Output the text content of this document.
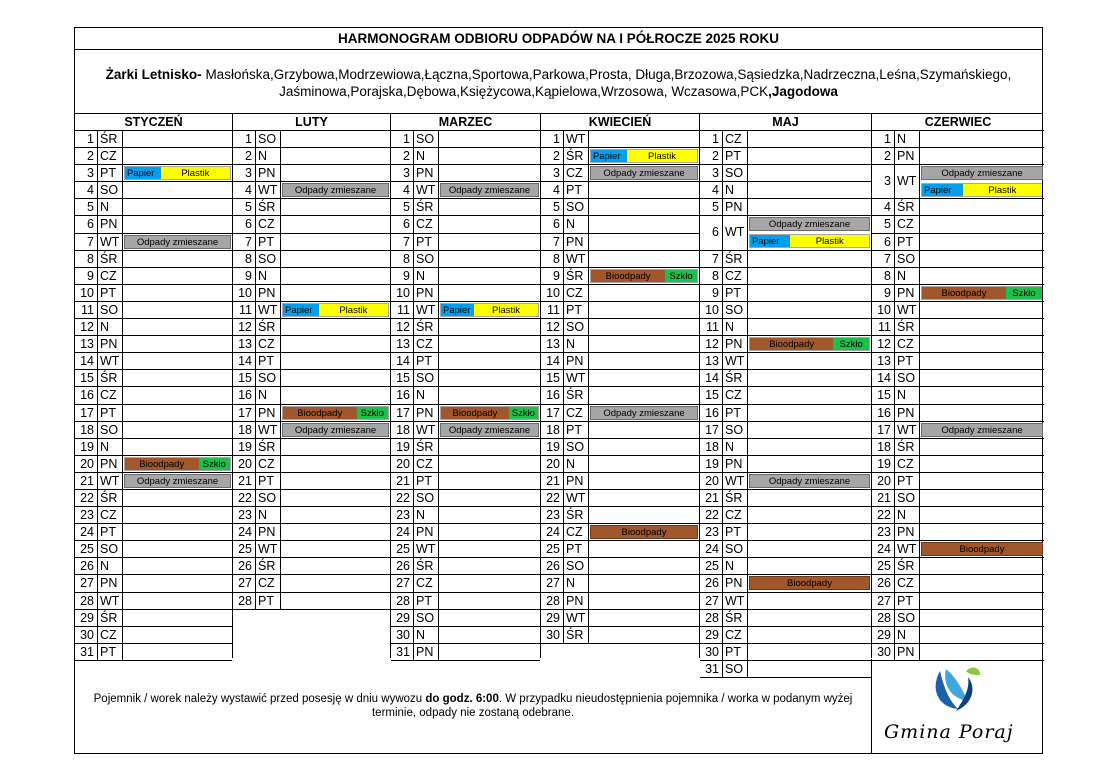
HARMONOGRAM ODBIORU ODPADÓW NA I PÓŁROCZE 2025 ROKU
Żarki Letnisko- Masłońska,Grzybowa,Modrzewiowa,Łączna,Sportowa,Parkowa,Prosta, Długa,Brzozowa,Sąsiedzka,Nadrzeczna,Leśna,Szymańskiego,
Jaśminowa,Porajska,Dębowa,Księżycowa,Kąpielowa,Wrzosowa, Wczasowa,PCK,Jagodowa
STYCZEŃ
1 ŚR
2 CZ
3 PT	Papier	Plastik
4 SO
5 N
6 PN
7 WT	Odpady zmieszane
8 ŚR
9 CZ
10 PT
11 SO
12 N
13 PN
14 WT
15 ŚR
16 CZ
17 PT
18 SO
19 N
20 PN	Bioodpady	Szkło
21 WT	Odpady zmieszane
22 ŚR
23 CZ
24 PT
25 SO
26 N
27 PN
28 WT
29 ŚR
30 CZ
31 PT
LUTY
1 SO
2 N
3 PN
4 WT	Odpady zmieszane
5 ŚR
6 CZ
7 PT
8 SO
9 N
10 PN
11 WT Papier	Plastik
12 ŚR
13 CZ
14 PT
15 SO
16 N
17 PN	Bioodpady	Szkło
18 WT	Odpady zmieszane
19 ŚR
20 CZ
21 PT
22 SO
23 N
24 PN
25 WT
26 ŚR
27 CZ
28 PT
MARZEC
1 SO
2 N
3 PN
4 WT	Odpady zmieszane
5 ŚR
6 CZ
7 PT
8 SO
9 N
10 PN
11 WT Papier	Plastik
12 ŚR
13 CZ
14 PT
15 SO
16 N
17 PN	Bioodpady	Szkło
18 WT	Odpady zmieszane
19 ŚR
20 CZ
21 PT
22 SO
23 N
24 PN
25 WT
26 ŚR
27 CZ
28 PT
29 SO
30 N
31 PN
KWIECIEŃ
1 WT
2 ŚR	Papier	Plastik
3 CZ	Odpady zmieszane
4 PT
5 SO
6 N
7 PN
8 WT
9 ŚR	Bioodpady	Szkło
10 CZ
11 PT
12 SO
13 N
14 PN
15 WT
16 ŚR
17 CZ	Odpady zmieszane
18 PT
19 SO
20 N
21 PN
22 WT
23 ŚR
24 CZ	Bioodpady
25 PT
26 SO
27 N
28 PN
29 WT
30 ŚR
MAJ
1 CZ
2 PT
3 SO
4 N
5 PN
6 WT
Odpady zmieszane
Papier	Plastik
7 ŚR
8 CZ
9 PT
10 SO
11 N
12 PN	Bioodpady	Szkło
13 WT
14 ŚR
15 CZ
16 PT
17 SO
18 N
19 PN
20 WT	Odpady zmieszane
21 ŚR
22 CZ
23 PT
24 SO
25 N
26 PN	Bioodpady
27 WT
28 ŚR
29 CZ
30 PT
31 SO
CZERWIEC
1 N
2 PN
3 WT
Odpady zmieszane
Papier	Plastik
4 ŚR
5 CZ
6 PT
7 SO
8 N
9 PN	Bioodpady	Szkło
10 WT
11 ŚR
12 CZ
13 PT
14 SO
15 N
16 PN
17 WT	Odpady zmieszane
18 ŚR
19 CZ
20 PT
21 SO
22 N
23 PN
24 WT	Bioodpady
25 ŚR
26 CZ
27 PT
28 SO
29 N
30 PN
Pojemnik / worek należy wystawić przed posesję w dniu wywozu do godz. 6:00. W przypadku nieudostępnienia pojemnika / worka w podanym wyżej terminie, odpady nie zostaną odebrane.
Gmina Poraj
